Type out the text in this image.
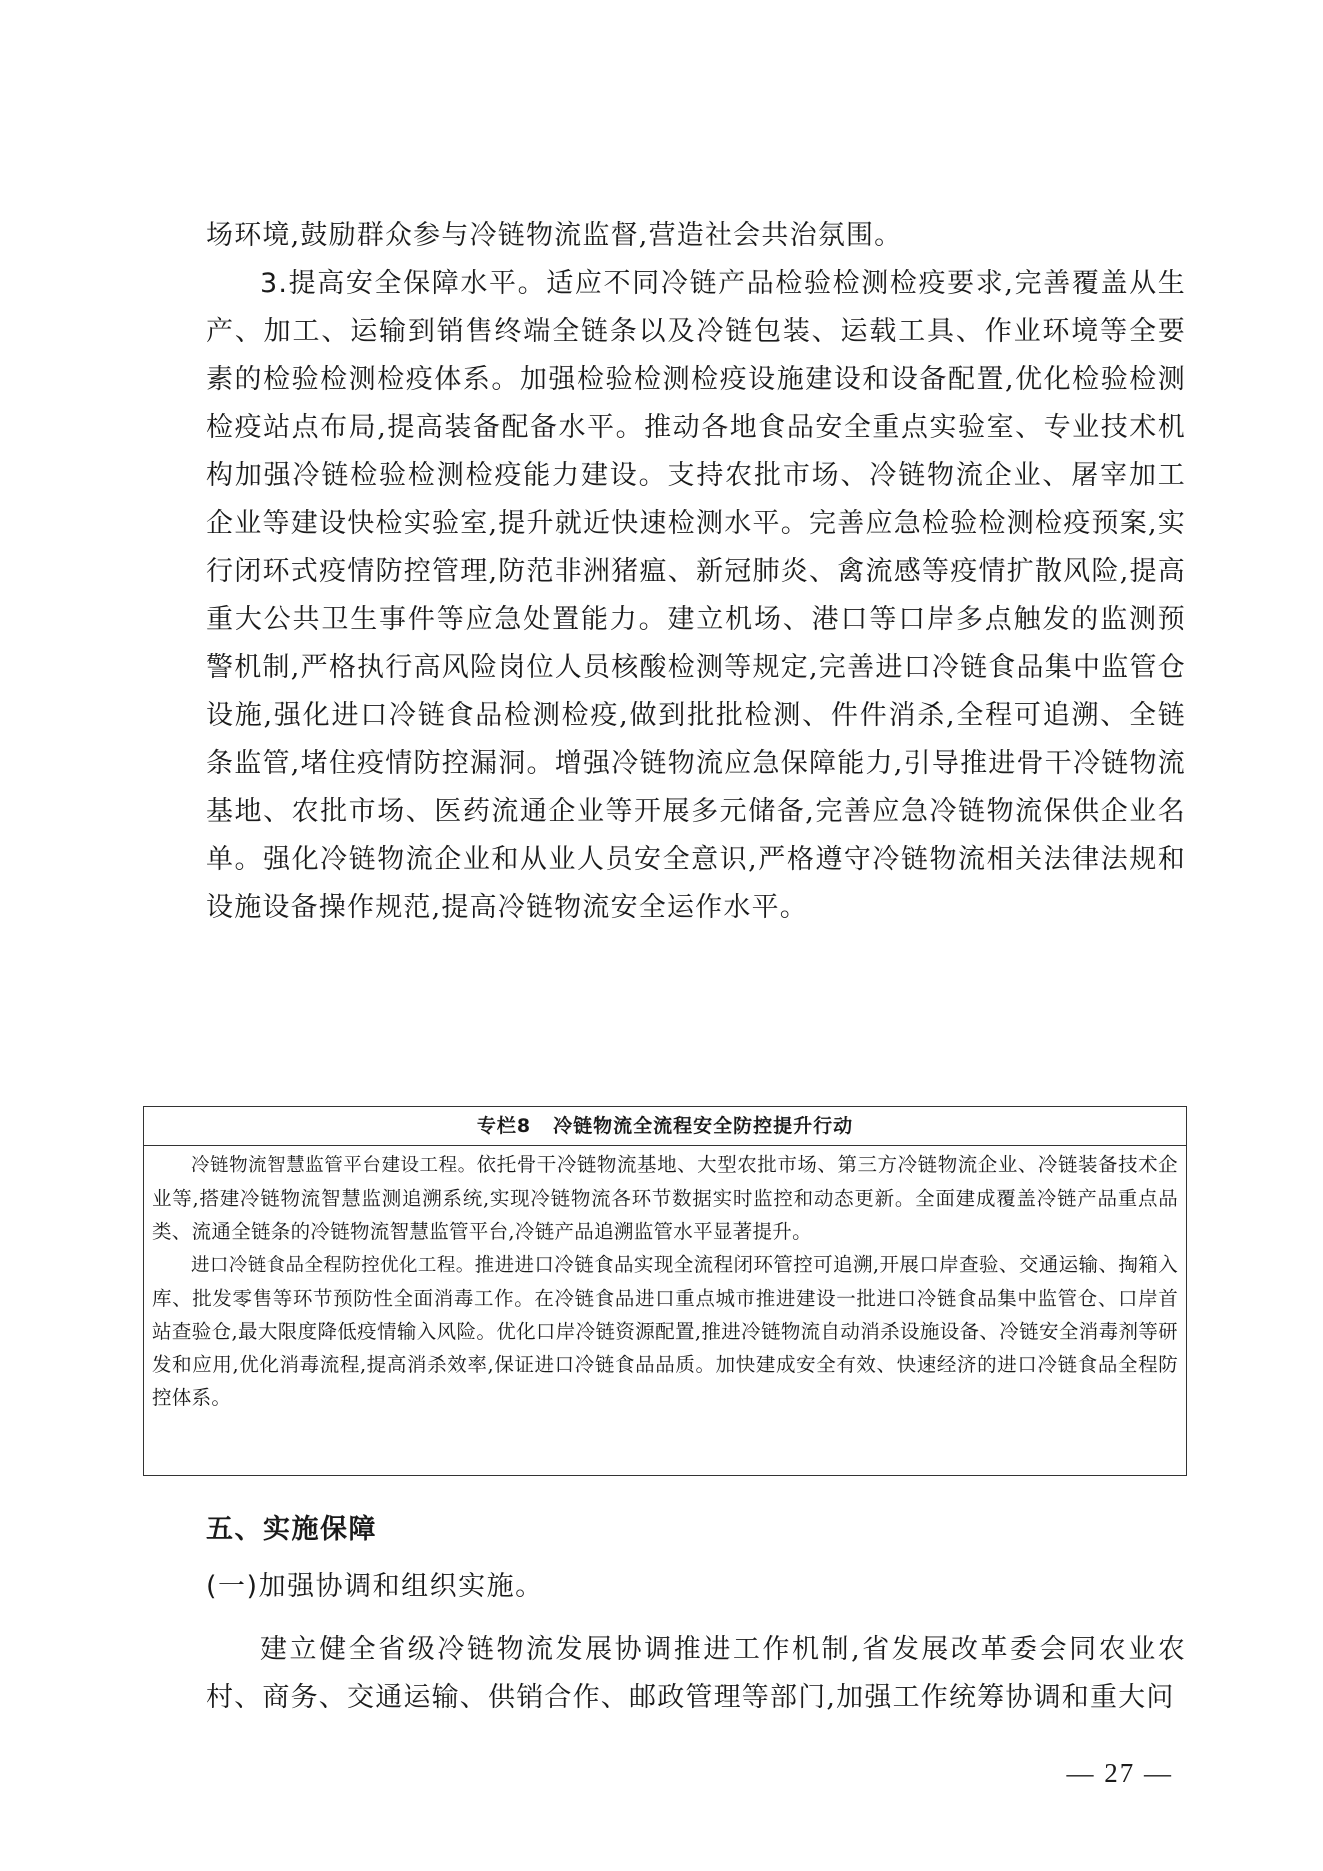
场环境,鼓励群众参与冷链物流监督,营造社会共治氛围。

3.提高安全保障水平。适应不同冷链产品检验检测检疫要求,完善覆盖从生产、加工、运输到销售终端全链条以及冷链包装、运载工具、作业环境等全要素的检验检测检疫体系。加强检验检测检疫设施建设和设备配置,优化检验检测检疫站点布局,提高装备配备水平。推动各地食品安全重点实验室、专业技术机构加强冷链检验检测检疫能力建设。支持农批市场、冷链物流企业、屠宰加工企业等建设快检实验室,提升就近快速检测水平。完善应急检验检测检疫预案,实行闭环式疫情防控管理,防范非洲猪瘟、新冠肺炎、禽流感等疫情扩散风险,提高重大公共卫生事件等应急处置能力。建立机场、港口等口岸多点触发的监测预警机制,严格执行高风险岗位人员核酸检测等规定,完善进口冷链食品集中监管仓设施,强化进口冷链食品检测检疫,做到批批检测、件件消杀,全程可追溯、全链条监管,堵住疫情防控漏洞。增强冷链物流应急保障能力,引导推进骨干冷链物流基地、农批市场、医药流通企业等开展多元储备,完善应急冷链物流保供企业名单。强化冷链物流企业和从业人员安全意识,严格遵守冷链物流相关法律法规和设施设备操作规范,提高冷链物流安全运作水平。

专栏8 冷链物流全流程安全防控提升行动

冷链物流智慧监管平台建设工程。依托骨干冷链物流基地、大型农批市场、第三方冷链物流企业、冷链装备技术企业等,搭建冷链物流智慧监测追溯系统,实现冷链物流各环节数据实时监控和动态更新。全面建成覆盖冷链产品重点品类、流通全链条的冷链物流智慧监管平台,冷链产品追溯监管水平显著提升。

进口冷链食品全程防控优化工程。推进进口冷链食品实现全流程闭环管控可追溯,开展口岸查验、交通运输、掏箱入库、批发零售等环节预防性全面消毒工作。在冷链食品进口重点城市推进建设一批进口冷链食品集中监管仓、口岸首站查验仓,最大限度降低疫情输入风险。优化口岸冷链资源配置,推进冷链物流自动消杀设施设备、冷链安全消毒剂等研发和应用,优化消毒流程,提高消杀效率,保证进口冷链食品品质。加快建成安全有效、快速经济的进口冷链食品全程防控体系。

五、实施保障
(一)加强协调和组织实施。

建立健全省级冷链物流发展协调推进工作机制,省发展改革委会同农业农村、商务、交通运输、供销合作、邮政管理等部门,加强工作统筹协调和重大问

— 27 —
